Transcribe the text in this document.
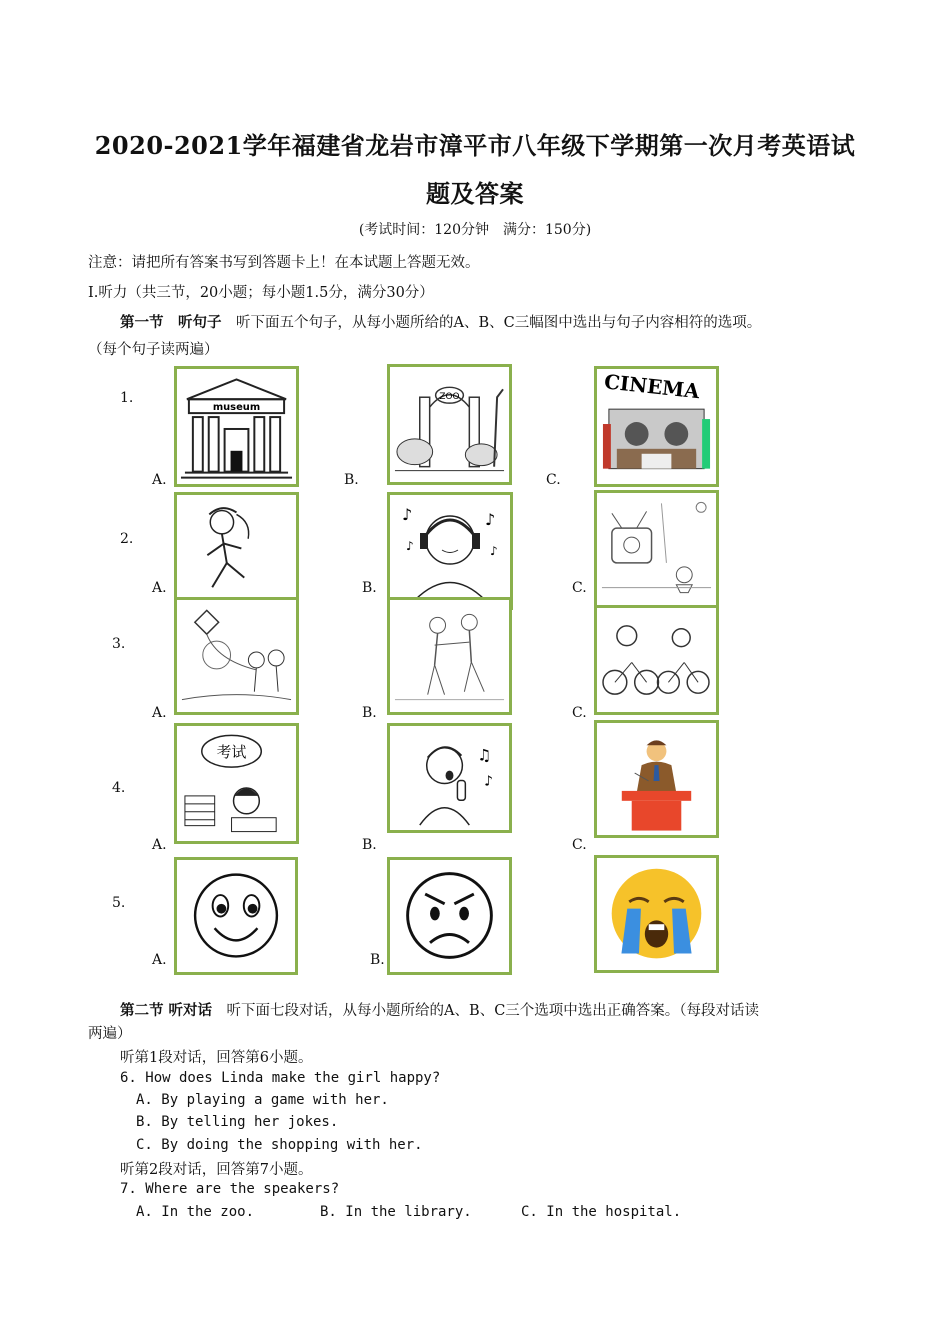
2020-2021学年福建省龙岩市漳平市八年级下学期第一次月考英语试
题及答案
(考试时间：120分钟　满分：150分)
注意：请把所有答案书写到答题卡上！在本试题上答题无效。
Ⅰ.听力（共三节，20小题；每小题1.5分，满分30分）
第一节　听句子　听下面五个句子，从每小题所给的A、B、C三幅图中选出与句子内容相符的选项。
（每个句子读两遍）
1.
A.	B.	C.
museum
ZOO	CINEMA
2.
A.	B.	C.
♪	♪
♪	♪
3.
A.	B.	C.
4.
A.	B.	C.
考试	♫
♪
5.
A.	B.
第二节 听对话　听下面七段对话，从每小题所给的A、B、C三个选项中选出正确答案。（每段对话读
两遍）
听第1段对话，回答第6小题。
6. How does Linda make the girl happy?
A. By playing a game with her.
B. By telling her jokes.
C. By doing the shopping with her.
听第2段对话，回答第7小题。
7. Where are the speakers?
A. In the zoo.	B. In the library.	C. In the hospital.
